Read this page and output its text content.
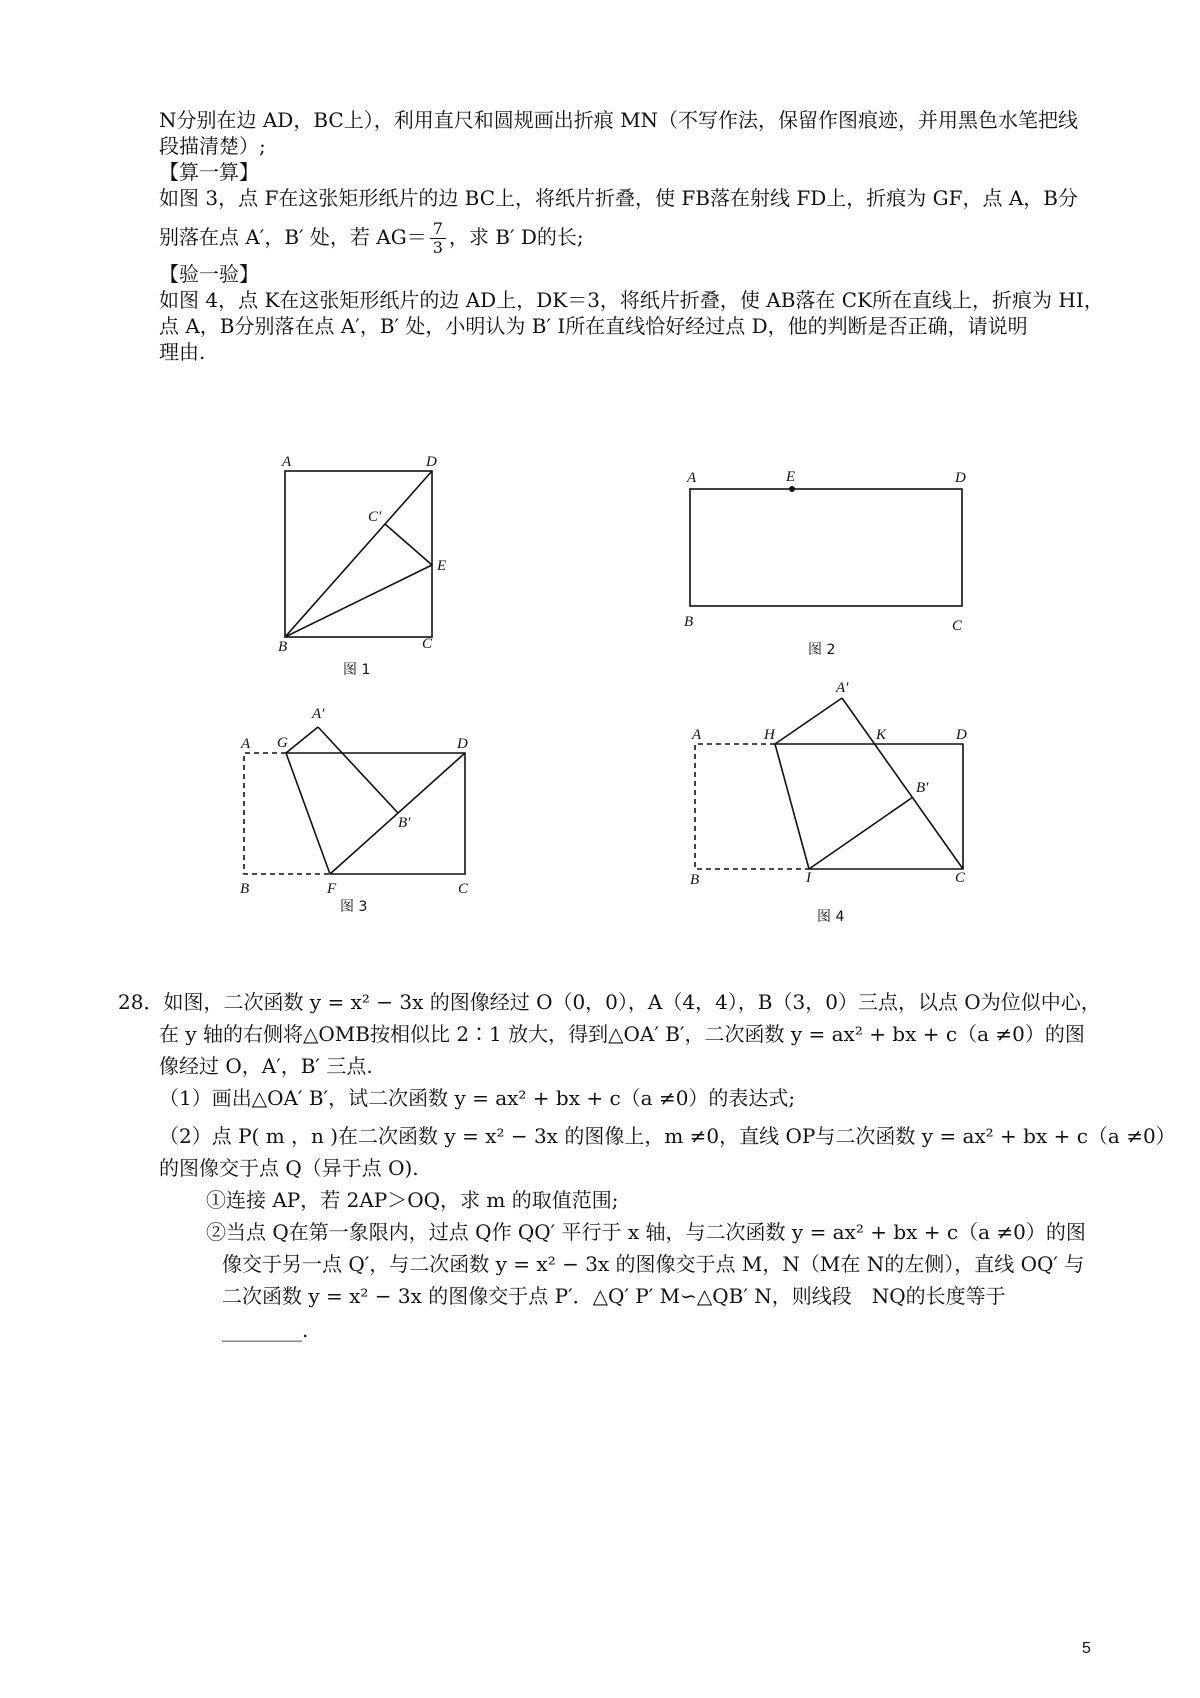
N分别在边 AD，BC上），利用直尺和圆规画出折痕 MN（不写作法，保留作图痕迹，并用黑色水笔把线
段描清楚）;
【算一算】
如图 3，点 F在这张矩形纸片的边 BC上，将纸片折叠，使 FB落在射线 FD上，折痕为 GF，点 A，B分
别落在点 A′，B′ 处，若 $AG= \frac{7}{3}$ ，求 B′ D的长;
【验一验】
如图 4，点 K在这张矩形纸片的边 AD上，DK＝3，将纸片折叠，使 AB落在 CK所在直线上，折痕为 HI，
点 A，B分别落在点 A′，B′ 处，小明认为 B′ I所在直线恰好经过点 D，他的判断是否正确，请说明
理由.
A	D
C′
E
B	C
图 1
A	E	D
B	C
图 2
A G
A′
D
B′
B	F	C
图 3
A′
A	H	K	D
B′
B	I	C
图 4
28．如图，二次函数 y = x² − 3x 的图像经过 O（0，0），A（4，4），B（3，0）三点，以点 O为位似中心，
在 y 轴的右侧将△OMB按相似比 2∶1 放大，得到△OA′ B′，二次函数 y = ax² + bx + c（a ≠0）的图
像经过 O，A′，B′ 三点.
（1）画出△OA′ B′，试二次函数 y = ax² + bx + c（a ≠0）的表达式;
（2）点 P( m ，n )在二次函数 y = x² − 3x 的图像上，m ≠0，直线 OP与二次函数 y = ax² + bx + c（a ≠0）
的图像交于点 Q（异于点 O).
①连接 AP，若 2AP＞OQ，求 m 的取值范围;
②当点 Q在第一象限内，过点 Q作 QQ′ 平行于 x 轴，与二次函数 y = ax² + bx + c（a ≠0）的图
像交于另一点 Q′，与二次函数 y = x² − 3x 的图像交于点 M，N（M在 N的左侧），直线 OQ′ 与
二次函数 y = x² − 3x 的图像交于点 P′．△Q′ P′ M∽△QB′ N，则线段　NQ的长度等于
________.
5
